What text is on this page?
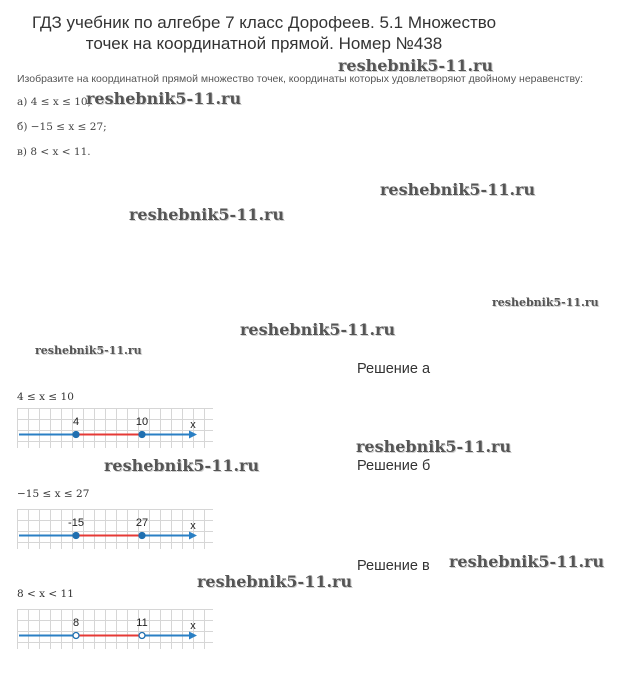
ГДЗ учебник по алгебре 7 класс Дорофеев. 5.1 Множество
точек на координатной прямой. Номер №438
Изобразите на координатной прямой множество точек, координаты которых удовлетворяют двойному неравенству:
а) 4 ≤ x ≤ 10;
б) −15 ≤ x ≤ 27;
в) 8 < x < 11.
reshebnik5-11.ru
reshebnik5-11.ru
reshebnik5-11.ru
reshebnik5-11.ru
reshebnik5-11.ru
reshebnik5-11.ru
reshebnik5-11.ru
reshebnik5-11.ru
reshebnik5-11.ru
reshebnik5-11.ru
reshebnik5-11.ru
Решение а
4 ≤ x ≤ 10
4	10	x
Решение б
−15 ≤ x ≤ 27
-15	27	x
Решение в
8 < x < 11
8	11	x
